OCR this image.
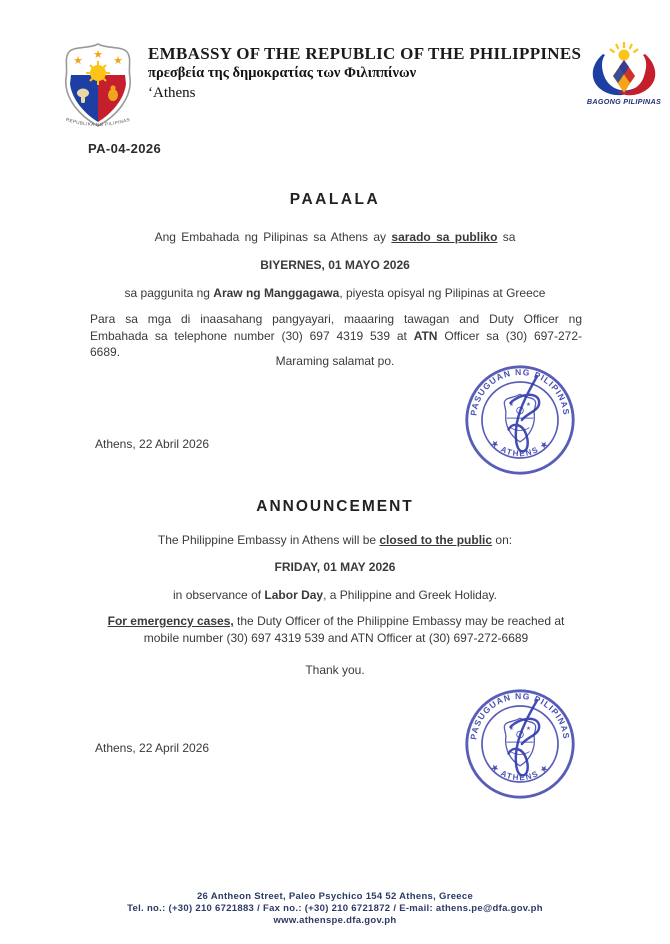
★ ★ ★
REPUBLIKA NG PILIPINAS
EMBASSY OF THE REPUBLIC OF THE PHILIPPINES
πρεσβεία της δημοκρατίας των Φιλιππίνων
‘Athens
BAGONG PILIPINAS
PA-04-2026
PAALALA
Ang Embahada ng Pilipinas sa Athens ay sarado sa publiko sa
BIYERNES, 01 MAYO 2026
sa paggunita ng Araw ng Manggagawa, piyesta opisyal ng Pilipinas at Greece
Para sa mga di inaasahang pangyayari, maaaring tawagan and Duty Officer ng Embahada sa telephone number (30) 697 4319 539 at ATN Officer sa (30) 697-272-6689.
Maraming salamat po.
PASUGUAN NG PILIPINAS
★ ATHENS ★
★ ★
Athens, 22 Abril 2026
ANNOUNCEMENT
The Philippine Embassy in Athens will be closed to the public on:
FRIDAY, 01 MAY 2026
in observance of Labor Day, a Philippine and Greek Holiday.
For emergency cases, the Duty Officer of the Philippine Embassy may be reached at mobile number (30) 697 4319 539 and ATN Officer at (30) 697-272-6689
Thank you.
PASUGUAN NG PILIPINAS
★ ATHENS ★
★ ★
Athens, 22 April 2026
26 Antheon Street, Paleo Psychico 154 52 Athens, Greece
Tel. no.: (+30) 210 6721883 / Fax no.: (+30) 210 6721872 / E-mail: athens.pe@dfa.gov.ph
www.athenspe.dfa.gov.ph
